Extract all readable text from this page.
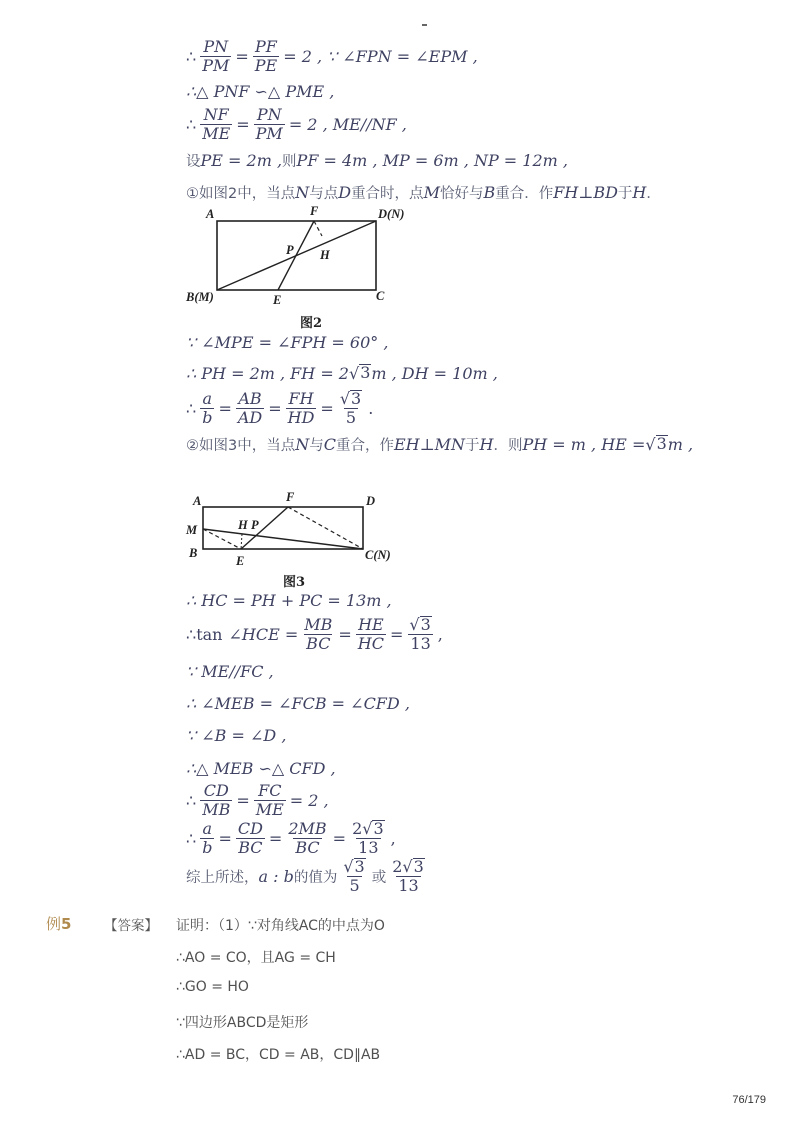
∴ $\frac{PN}{PM} = \frac{PF}{PE} = 2$ , ∵ ∠FPN = ∠EPM ,
∴△ PNF ∽△ PME ,
∴ $\frac{NF}{ME} = \frac{PN}{PM} = 2$ , ME//NF ,
设 PE = 2m , 则 PF = 4m , MP = 6m , NP = 12m ,
①如图2中，当点 N 与点 D 重合时，点 M 恰好与 B 重合．作 FH⊥BD 于 H ．
A	F	D(N)
P H
B(M)	E	C
图2
∵ ∠MPE = ∠FPH = 60° ,
∴ PH = 2m , FH = 2 √ 3 m , DH = 10m ,
∴ $\frac{a}{b} = \frac{AB}{AD} = \frac{FH}{HD} = \frac{√ 3}{5}$ .
②如图3中，当点 N 与 C 重合，作 EH⊥MN 于 H ．则 PH = m , HE = √ 3 m ,
A	F	D
M	H P
B
E	C(N)
图3
∴ HC = PH + PC = 13m ,
∴ tan ∠HCE = $\frac{MB}{BC} = \frac{HE}{HC} = \frac{√ 3}{13}$ ,
∵ ME//FC ,
∴ ∠MEB = ∠FCB = ∠CFD ,
∵ ∠B = ∠D ,
∴△ MEB ∽△ CFD ,
∴ $\frac{CD}{MB} = \frac{FC}{ME} = 2$ ,
∴ $\frac{a}{b} = \frac{CD}{BC} = \frac{2MB}{BC} = \frac{2√ 3}{13}$ ,
综上所述， a : b 的值为 $\frac{√ 3}{5}$ 或 $\frac{2√ 3}{13}$
例5 【答案】 证明：（1）∵对角线AC的中点为O
∴AO = CO，且AG = CH
∴GO = HO
∵四边形ABCD是矩形
∴AD = BC，CD = AB，CD∥AB
76/179
